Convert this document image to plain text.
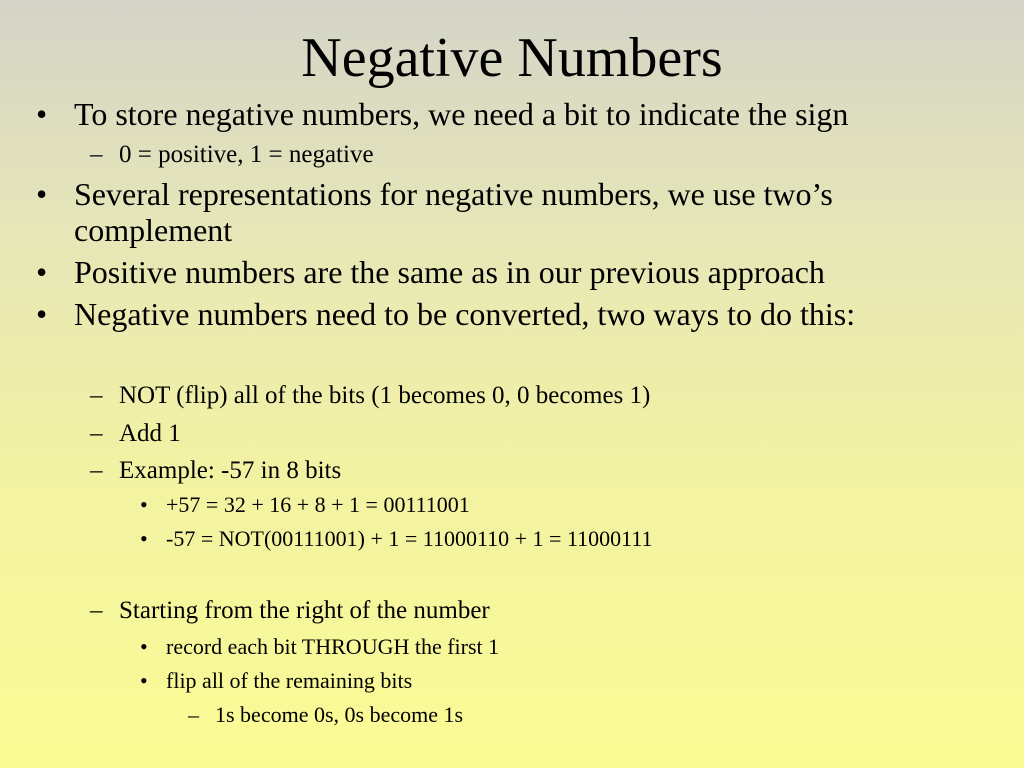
Negative Numbers
• To store negative numbers, we need a bit to indicate the sign
– 0 = positive, 1 = negative
• Several representations for negative numbers, we use two’s
complement
• Positive numbers are the same as in our previous approach
• Negative numbers need to be converted, two ways to do this:
– NOT (flip) all of the bits (1 becomes 0, 0 becomes 1)
– Add 1
– Example: -57 in 8 bits
• +57 = 32 + 16 + 8 + 1 = 00111001
• -57 = NOT(00111001) + 1 = 11000110 + 1 = 11000111
– Starting from the right of the number
• record each bit THROUGH the first 1
• flip all of the remaining bits
– 1s become 0s, 0s become 1s
